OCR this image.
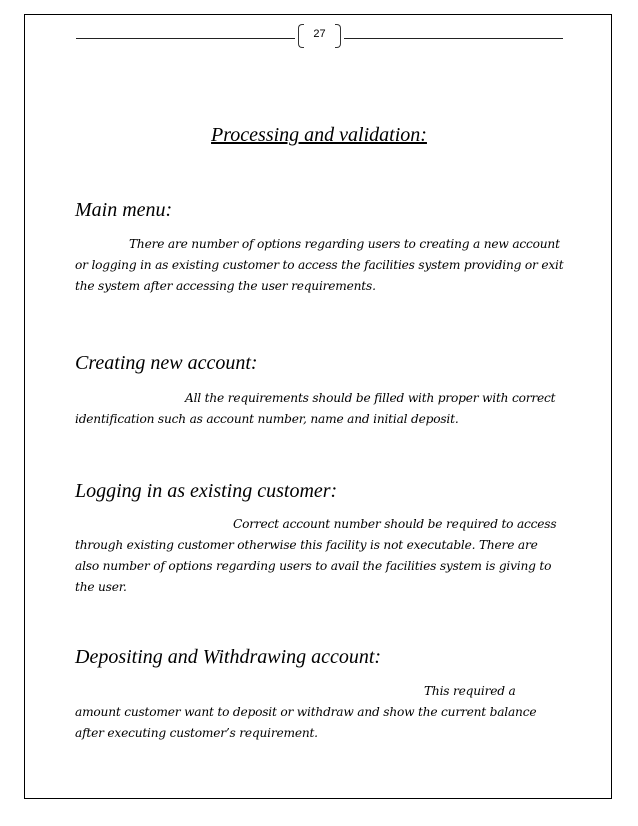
27
Processing and validation:
Main menu:
There are number of options regarding users to creating a new account
or logging in as existing customer to access the facilities system providing or exit
the system after accessing the user requirements.
Creating new account:
All the requirements should be filled with proper with correct
identification such as account number, name and initial deposit.
Logging in as existing customer:
Correct account number should be required to access
through existing customer otherwise this facility is not executable. There are
also number of options regarding users to avail the facilities system is giving to
the user.
Depositing and Withdrawing account:
This required a
amount customer want to deposit or withdraw and show the current balance
after executing customer’s requirement.
